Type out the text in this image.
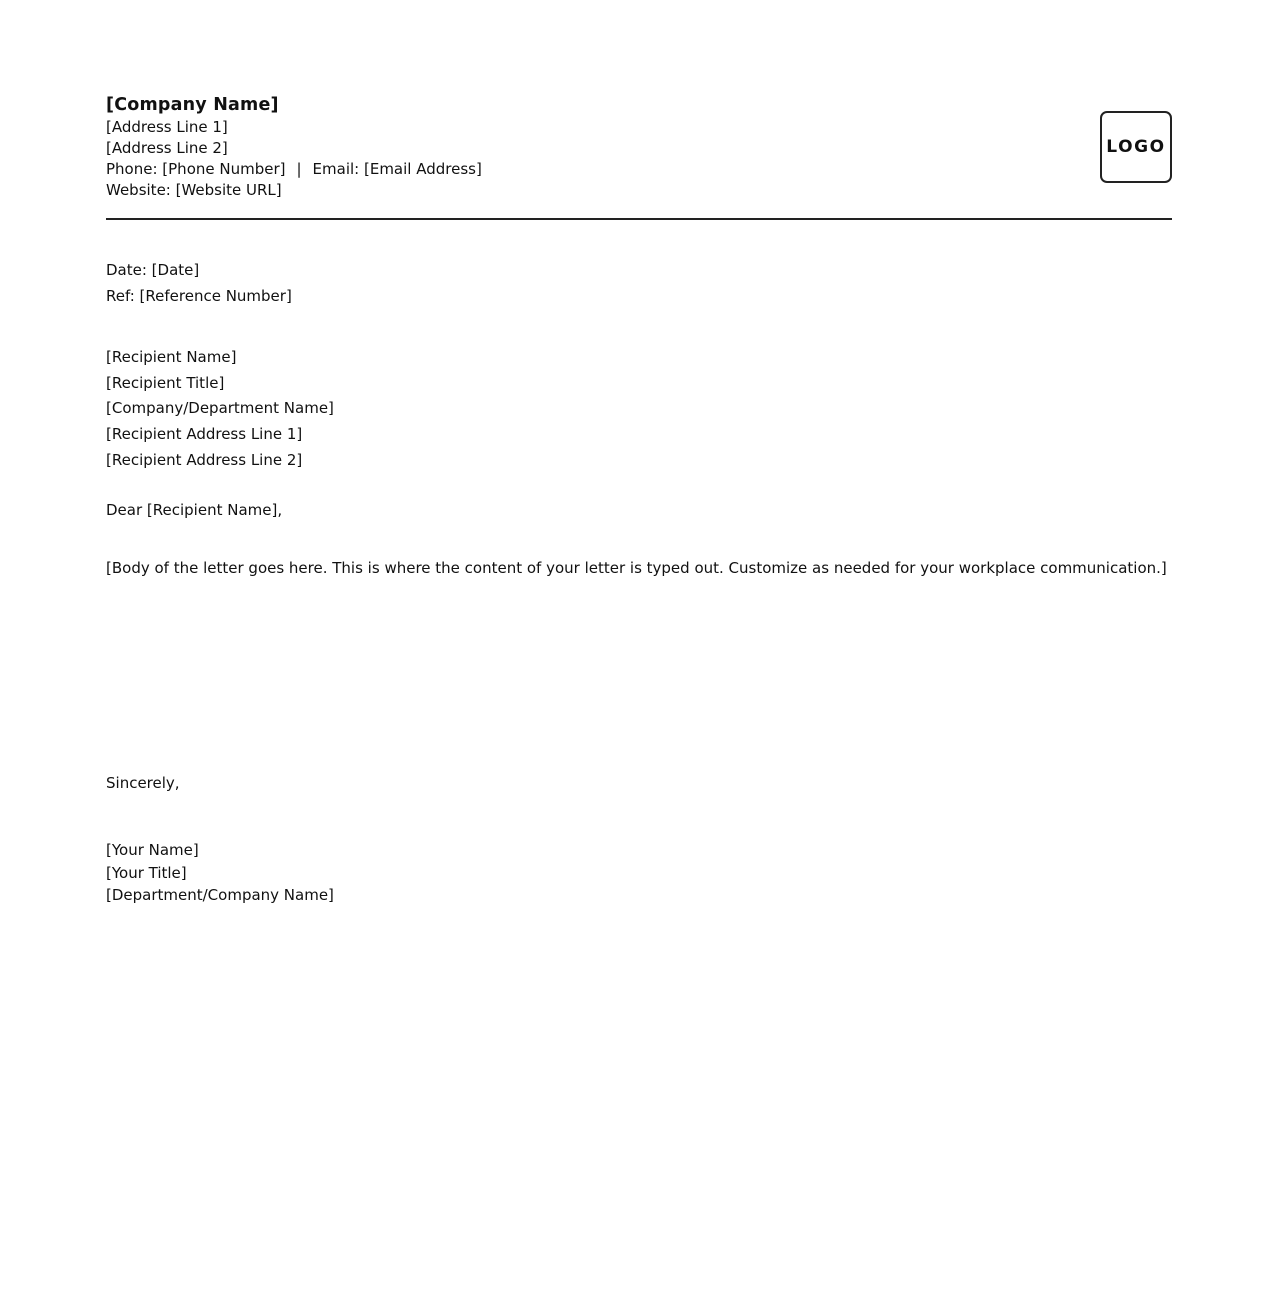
[Company Name]
[Address Line 1]
[Address Line 2]
Phone: [Phone Number] | Email: [Email Address]
Website: [Website URL]
LOGO
Date: [Date]
Ref: [Reference Number]
[Recipient Name]
[Recipient Title]
[Company/Department Name]
[Recipient Address Line 1]
[Recipient Address Line 2]
Dear [Recipient Name],
[Body of the letter goes here. This is where the content of your letter is typed out. Customize as needed for your workplace communication.]
Sincerely,
[Your Name]
[Your Title]
[Department/Company Name]
